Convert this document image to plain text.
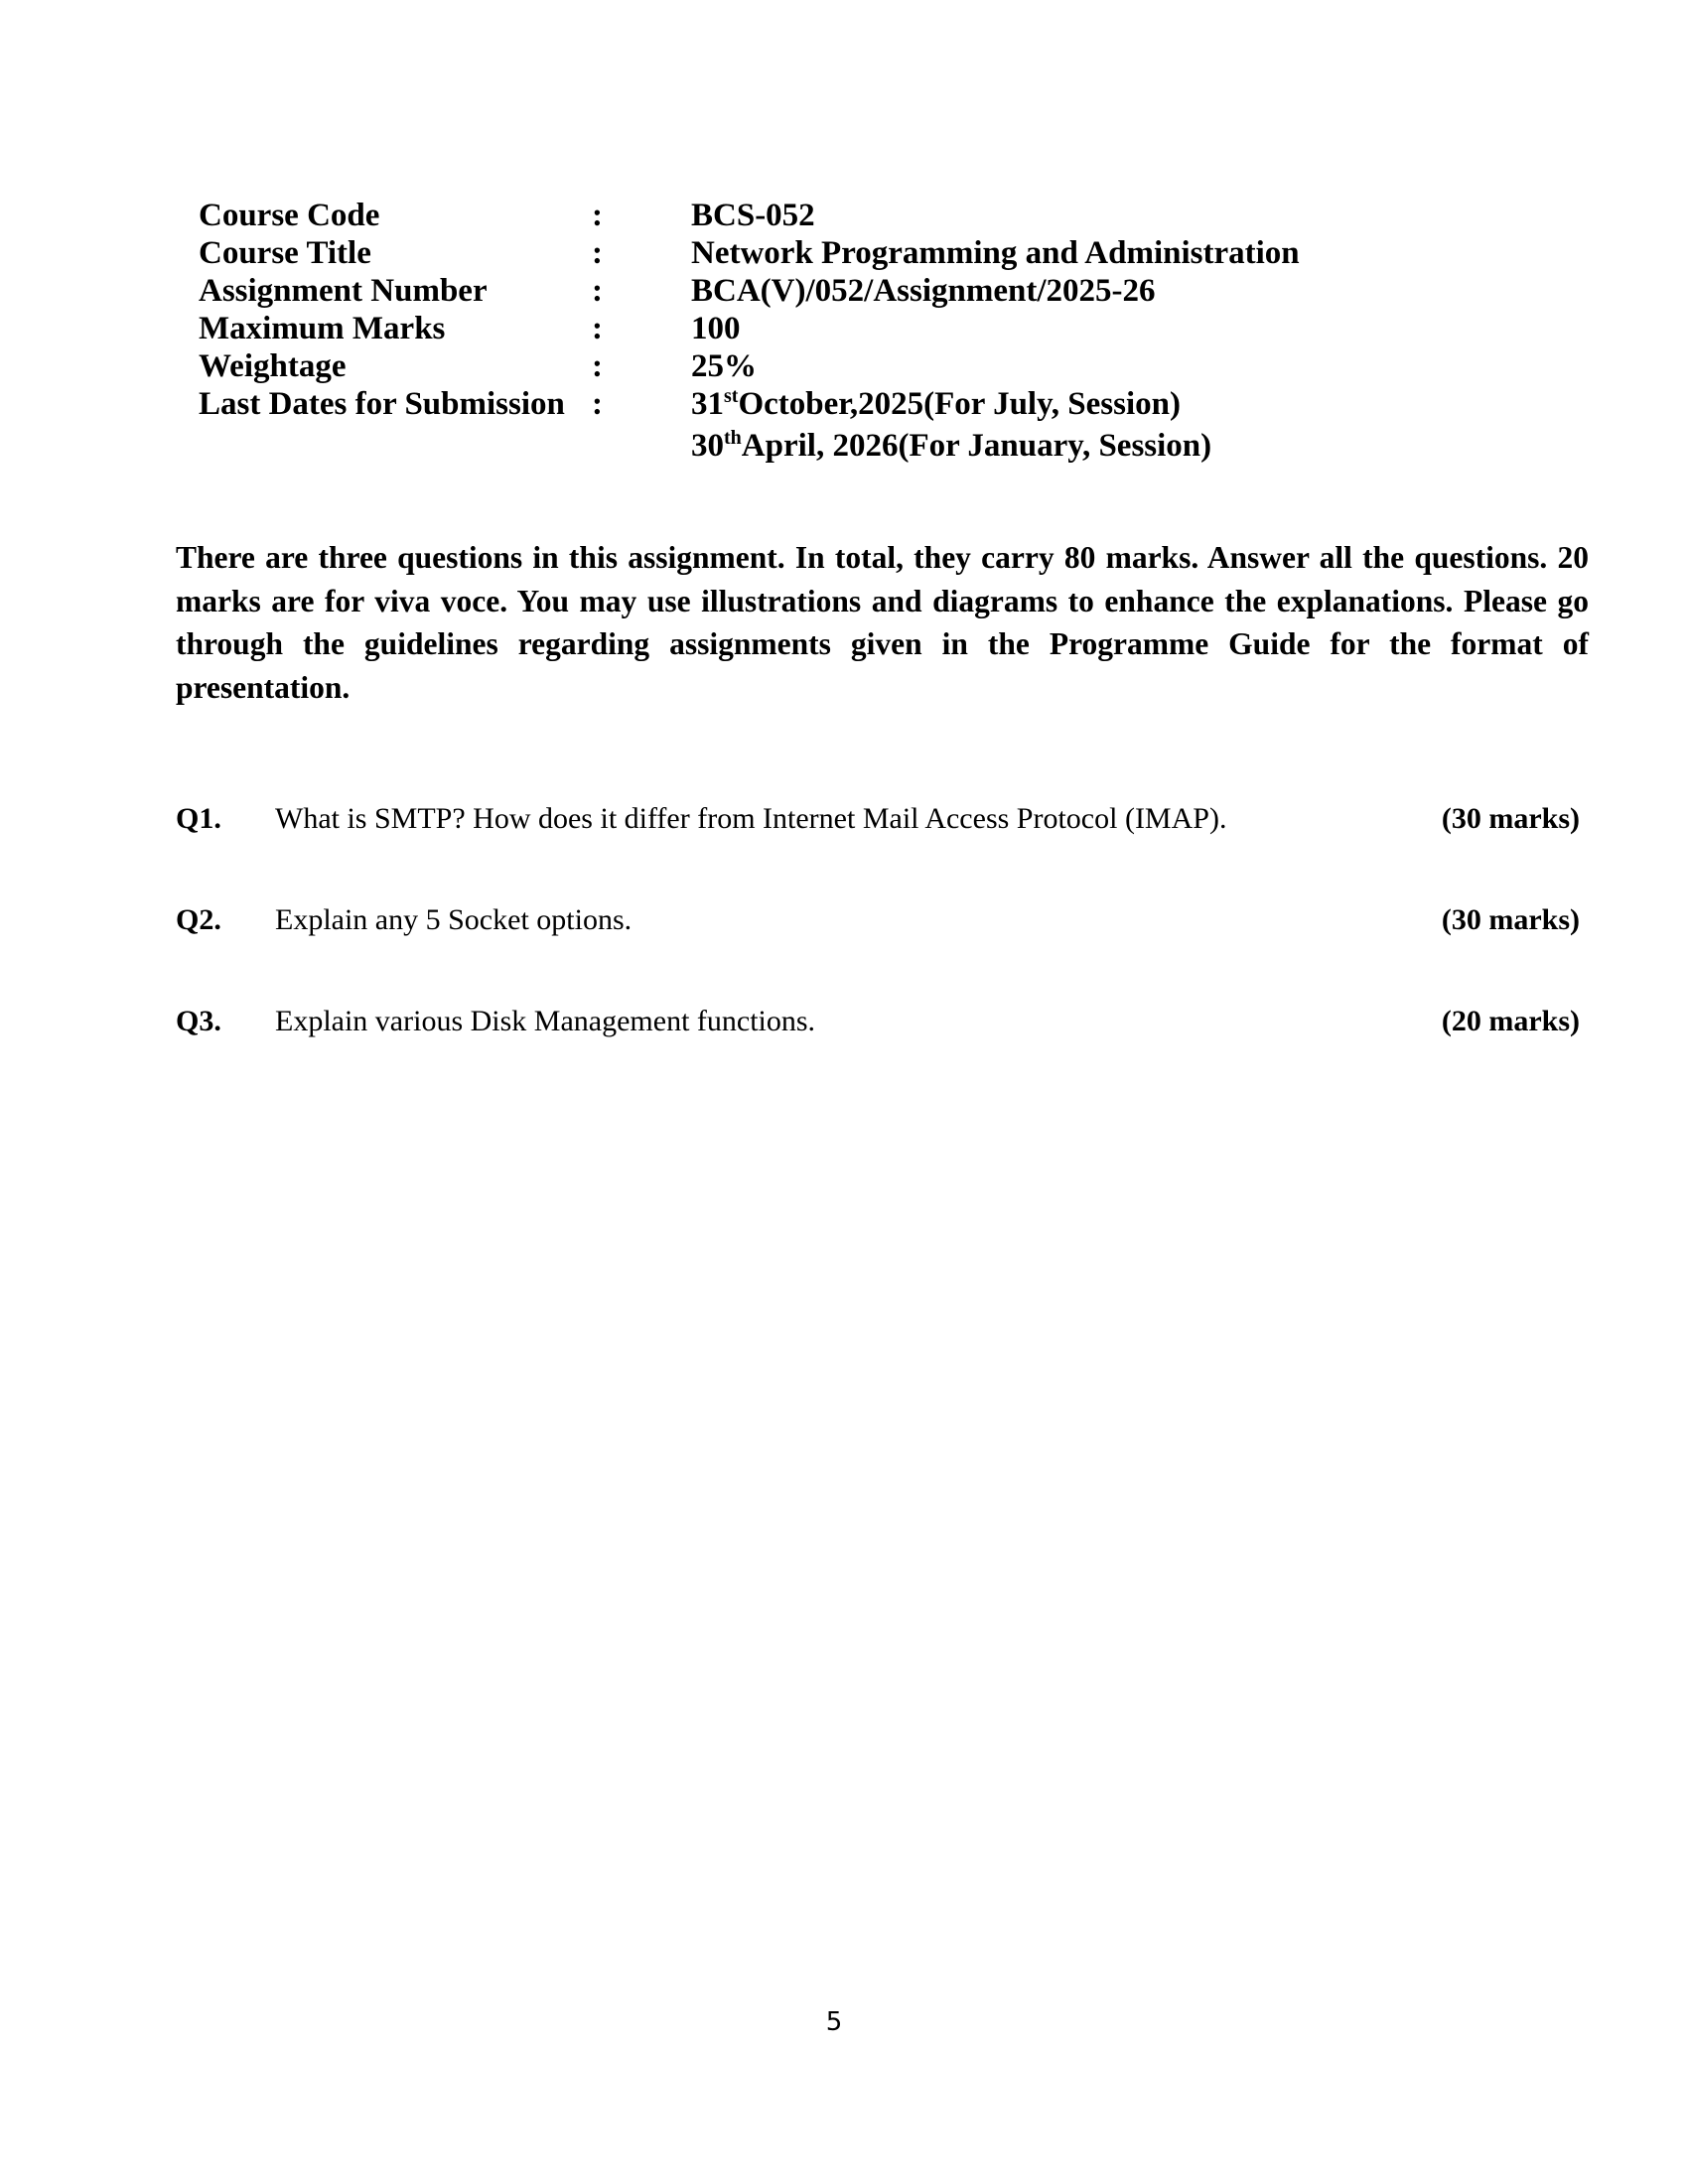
Course Code	:	BCS-052
Course Title	:	Network Programming and Administration
Assignment Number	:	BCA(V)/052/Assignment/2025-26
Maximum Marks	:	100
Weightage	:	25%
Last Dates for Submission :	31stOctober,2025(For July, Session)
30thApril, 2026(For January, Session)

There are three questions in this assignment. In total, they carry 80 marks. Answer all the questions. 20 marks are for viva voce. You may use illustrations and diagrams to enhance the explanations. Please go through the guidelines regarding assignments given in the Programme Guide for the format of presentation.

Q1.	What is SMTP? How does it differ from Internet Mail Access Protocol (IMAP).	(30 marks)
Q2.	Explain any 5 Socket options.	(30 marks)
Q3.	Explain various Disk Management functions.	(20 marks)
5
